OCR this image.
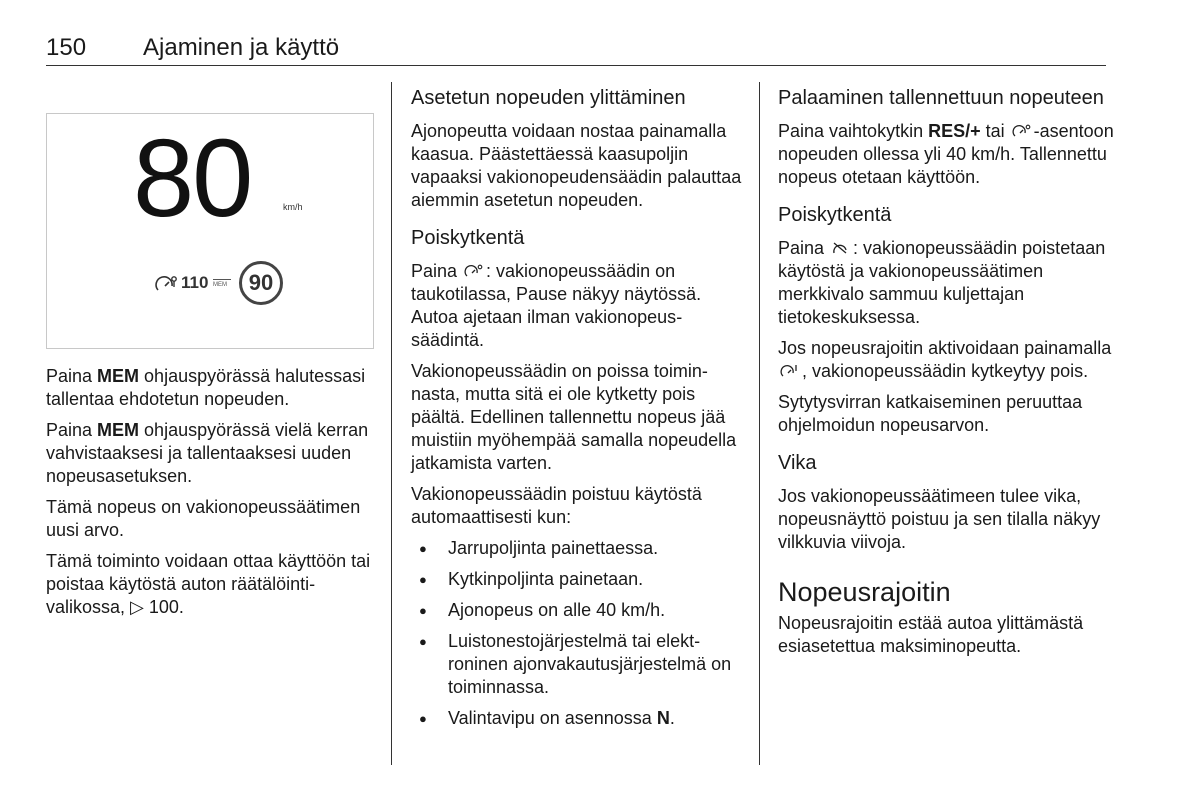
150 Ajaminen ja käyttö
80	km/h
110 MEM 90

Paina MEM ohjauspyörässä halutessasi tallentaa ehdotetun nopeuden.

Paina MEM ohjauspyörässä vielä kerran vahvistaaksesi ja tallentaaksesi uuden nopeusasetuksen.

Tämä nopeus on vakionopeussäätimen uusi arvo.

Tämä toiminto voidaan ottaa käyttöön tai poistaa käytöstä auton räätälöintivalikossa, ▷ 100.

Asetetun nopeuden ylittäminen

Ajonopeutta voidaan nostaa painamalla kaasua. Päästettäessä kaasupoljin vapaaksi vakionopeudensäädin palauttaa aiemmin asetetun nopeuden.

Poiskytkentä

Paina : vakionopeussäädin on taukotilassa, Pause näkyy näytössä. Autoa ajetaan ilman vakionopeussäädintä.

Vakionopeussäädin on poissa toiminnasta, mutta sitä ei ole kytketty pois päältä. Edellinen tallennettu nopeus jää muistiin myöhempää samalla nopeudella jatkamista varten.

Vakionopeussäädin poistuu käytöstä automaattisesti kun:

● Jarrupoljinta painettaessa.
● Kytkinpoljinta painetaan.
● Ajonopeus on alle 40 km/h.
● Luistonestojärjestelmä tai elektroninen ajonvakautusjärjestelmä on toiminnassa.
● Valintavipu on asennossa N.
Palaaminen tallennettuun nopeuteen

Paina vaihtokytkin RES/+ tai -asentoon nopeuden ollessa yli 40 km/h. Tallennettu nopeus otetaan käyttöön.

Poiskytkentä

Paina : vakionopeussäädin poistetaan käytöstä ja vakionopeussäätimen merkkivalo sammuu kuljettajan tietokeskuksessa.

Jos nopeusrajoitin aktivoidaan painamalla , vakionopeussäädin kytkeytyy pois.

Sytytysvirran katkaiseminen peruuttaa ohjelmoidun nopeusarvon.

Vika

Jos vakionopeussäätimeen tulee vika, nopeusnäyttö poistuu ja sen tilalla näkyy vilkkuvia viivoja.

Nopeusrajoitin

Nopeusrajoitin estää autoa ylittämästä esiasetettua maksiminopeutta.
